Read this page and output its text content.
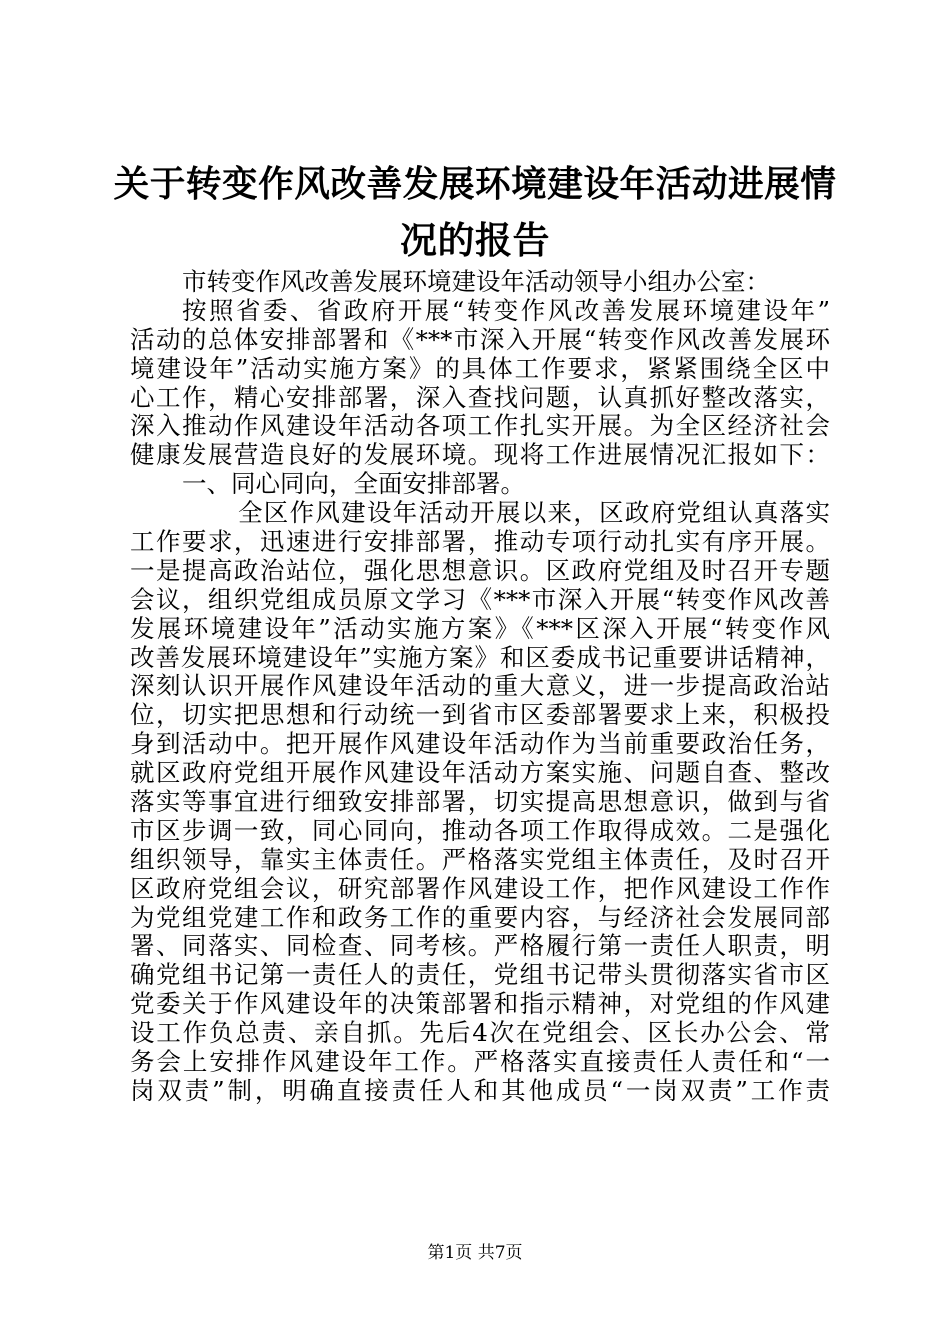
关于转变作风改善发展环境建设年活动进展情
况的报告
市转变作风改善发展环境建设年活动领导小组办公室：
按照省委、省政府开展“转变作风改善发展环境建设年”
活动的总体安排部署和《***市深入开展“转变作风改善发展环
境建设年”活动实施方案》的具体工作要求，紧紧围绕全区中
心工作，精心安排部署，深入查找问题，认真抓好整改落实，
深入推动作风建设年活动各项工作扎实开展。为全区经济社会
健康发展营造良好的发展环境。现将工作进展情况汇报如下：
一、同心同向，全面安排部署。
全区作风建设年活动开展以来，区政府党组认真落实
工作要求，迅速进行安排部署，推动专项行动扎实有序开展。
一是提高政治站位，强化思想意识。区政府党组及时召开专题
会议，组织党组成员原文学习《***市深入开展“转变作风改善
发展环境建设年”活动实施方案》《***区深入开展“转变作风
改善发展环境建设年”实施方案》和区委成书记重要讲话精神，
深刻认识开展作风建设年活动的重大意义，进一步提高政治站
位，切实把思想和行动统一到省市区委部署要求上来，积极投
身到活动中。把开展作风建设年活动作为当前重要政治任务，
就区政府党组开展作风建设年活动方案实施、问题自查、整改
落实等事宜进行细致安排部署，切实提高思想意识，做到与省
市区步调一致，同心同向，推动各项工作取得成效。二是强化
组织领导，靠实主体责任。严格落实党组主体责任，及时召开
区政府党组会议，研究部署作风建设工作，把作风建设工作作
为党组党建工作和政务工作的重要内容，与经济社会发展同部
署、同落实、同检查、同考核。严格履行第一责任人职责，明
确党组书记第一责任人的责任，党组书记带头贯彻落实省市区
党委关于作风建设年的决策部署和指示精神，对党组的作风建
设工作负总责、亲自抓。先后4次在党组会、区长办公会、常
务会上安排作风建设年工作。严格落实直接责任人责任和“一
岗双责”制，明确直接责任人和其他成员“一岗双责”工作责
第1页 共7页
